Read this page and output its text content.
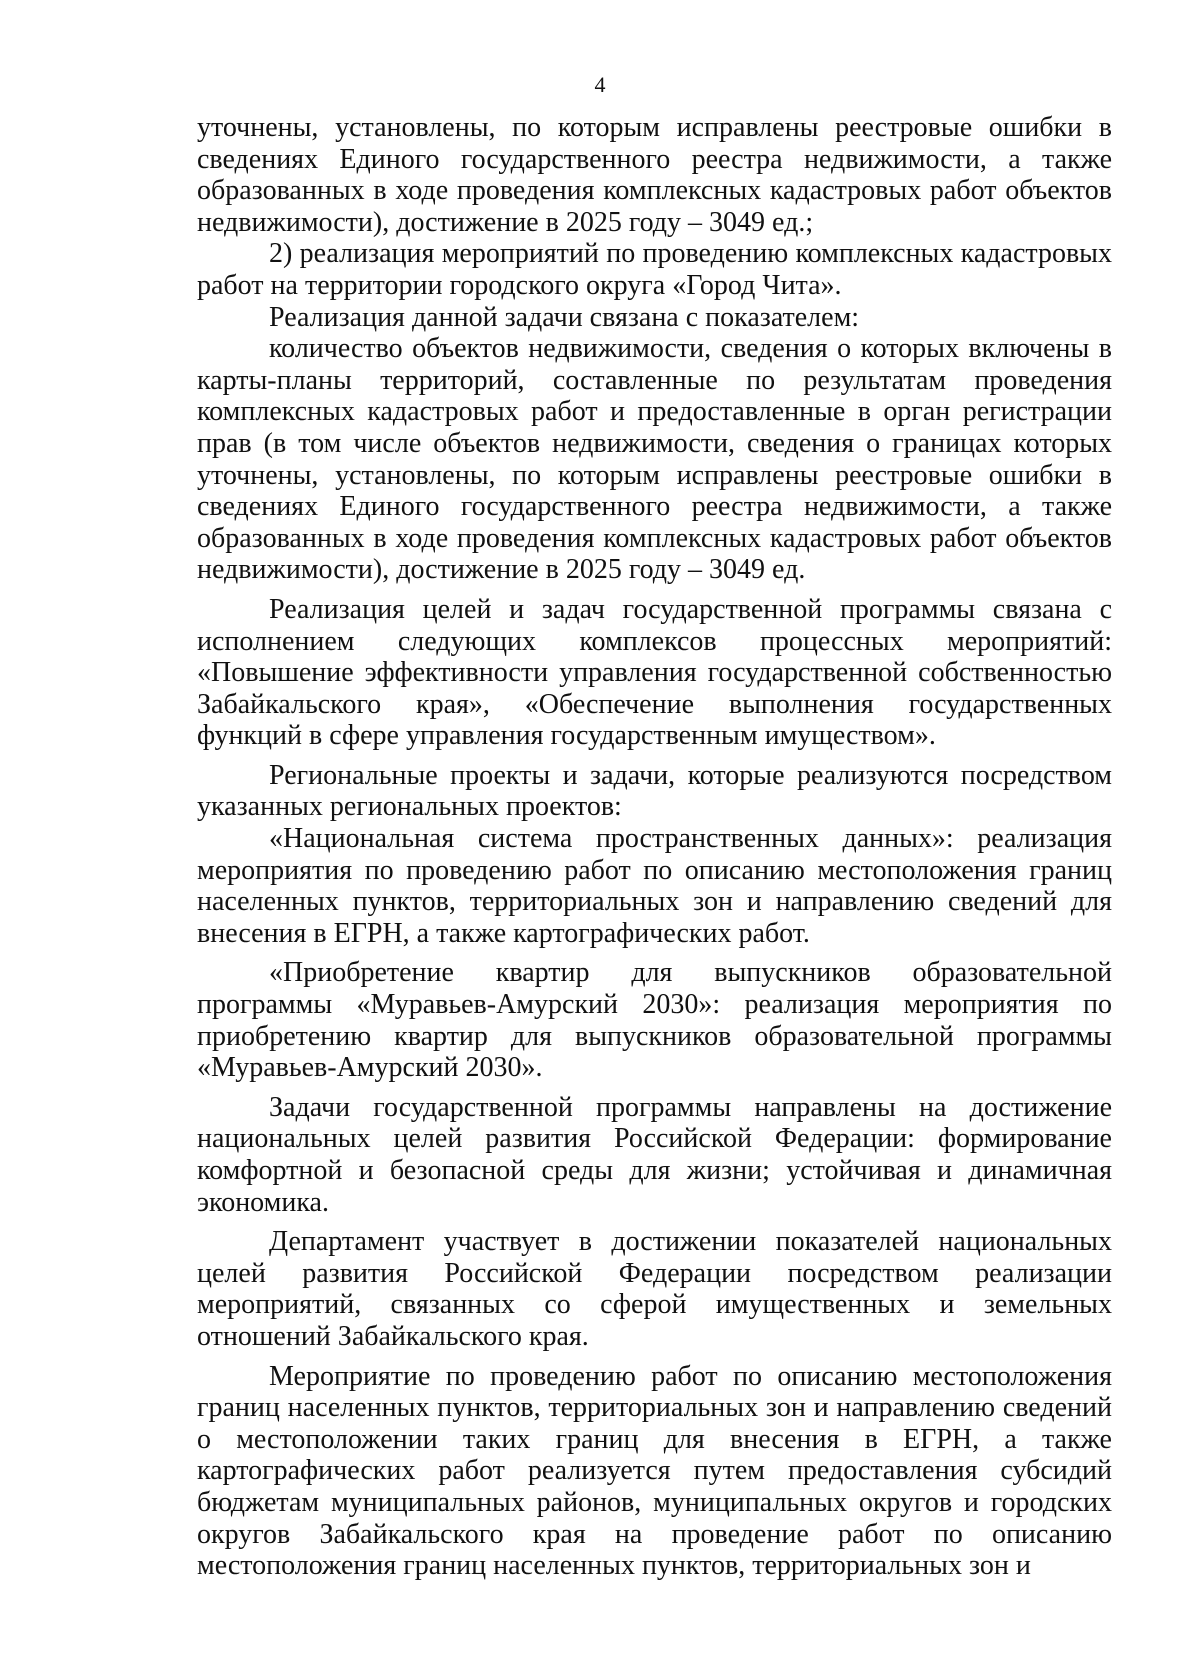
4

уточнены, установлены, по которым исправлены реестровые ошибки в сведениях Единого государственного реестра недвижимости, а также образованных в ходе проведения комплексных кадастровых работ объектов недвижимости), достижение в 2025 году – 3049 ед.;

2) реализация мероприятий по проведению комплексных кадастровых работ на территории городского округа «Город Чита».

Реализация данной задачи связана с показателем:

количество объектов недвижимости, сведения о которых включены в карты-планы территорий, составленные по результатам проведения комплексных кадастровых работ и предоставленные в орган регистрации прав (в том числе объектов недвижимости, сведения о границах которых уточнены, установлены, по которым исправлены реестровые ошибки в сведениях Единого государственного реестра недвижимости, а также образованных в ходе проведения комплексных кадастровых работ объектов недвижимости), достижение в 2025 году – 3049 ед.

Реализация целей и задач государственной программы связана с исполнением следующих комплексов процессных мероприятий: «Повышение эффективности управления государственной собственностью Забайкальского края», «Обеспечение выполнения государственных функций в сфере управления государственным имуществом».

Региональные проекты и задачи, которые реализуются посредством указанных региональных проектов:

«Национальная система пространственных данных»: реализация мероприятия по проведению работ по описанию местоположения границ населенных пунктов, территориальных зон и направлению сведений для внесения в ЕГРН, а также картографических работ.

«Приобретение квартир для выпускников образовательной программы «Муравьев-Амурский 2030»: реализация мероприятия по приобретению квартир для выпускников образовательной программы «Муравьев-Амурский 2030».

Задачи государственной программы направлены на достижение национальных целей развития Российской Федерации: формирование комфортной и безопасной среды для жизни; устойчивая и динамичная экономика.

Департамент участвует в достижении показателей национальных целей развития Российской Федерации посредством реализации мероприятий, связанных со сферой имущественных и земельных отношений Забайкальского края.

Мероприятие по проведению работ по описанию местоположения границ населенных пунктов, территориальных зон и направлению сведений о местоположении таких границ для внесения в ЕГРН, а также картографических работ реализуется путем предоставления субсидий бюджетам муниципальных районов, муниципальных округов и городских округов Забайкальского края на проведение работ по описанию местоположения границ населенных пунктов, территориальных зон и
